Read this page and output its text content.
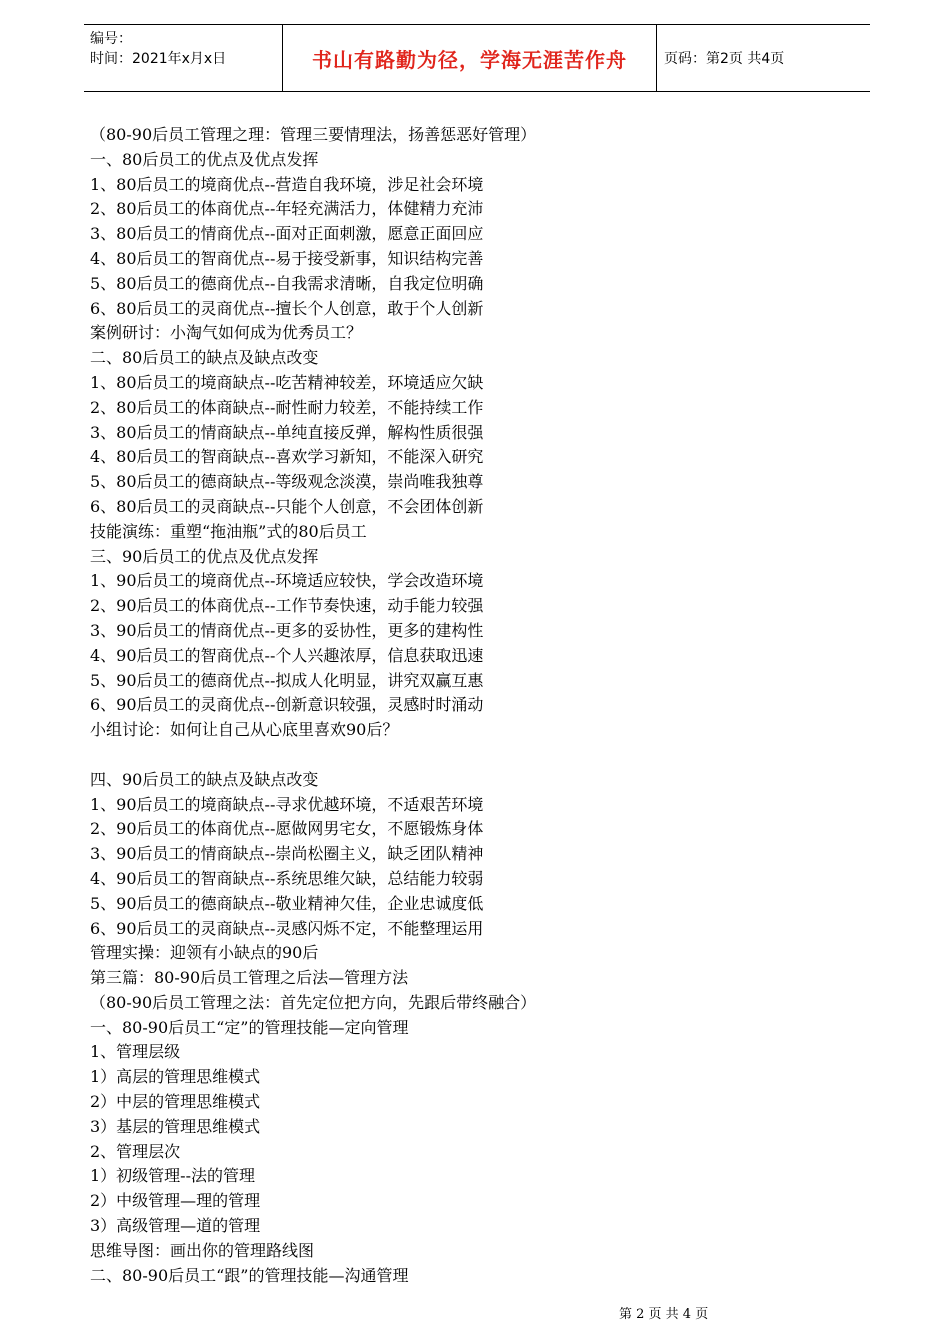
编号：
时间：2021年x月x日	书山有路勤为径，学海无涯苦作舟	页码：第2页 共4页
（80-90后员工管理之理：管理三要情理法，扬善惩恶好管理）
一、80后员工的优点及优点发挥
1、80后员工的境商优点--营造自我环境，涉足社会环境
2、80后员工的体商优点--年轻充满活力，体健精力充沛
3、80后员工的情商优点--面对正面刺激，愿意正面回应
4、80后员工的智商优点--易于接受新事，知识结构完善
5、80后员工的德商优点--自我需求清晰，自我定位明确
6、80后员工的灵商优点--擅长个人创意，敢于个人创新
案例研讨：小淘气如何成为优秀员工？
二、80后员工的缺点及缺点改变
1、80后员工的境商缺点--吃苦精神较差，环境适应欠缺
2、80后员工的体商缺点--耐性耐力较差，不能持续工作
3、80后员工的情商缺点--单纯直接反弹，解构性质很强
4、80后员工的智商缺点--喜欢学习新知，不能深入研究
5、80后员工的德商缺点--等级观念淡漠，崇尚唯我独尊
6、80后员工的灵商缺点--只能个人创意，不会团体创新
技能演练：重塑“拖油瓶”式的80后员工
三、90后员工的优点及优点发挥
1、90后员工的境商优点--环境适应较快，学会改造环境
2、90后员工的体商优点--工作节奏快速，动手能力较强
3、90后员工的情商优点--更多的妥协性，更多的建构性
4、90后员工的智商优点--个人兴趣浓厚，信息获取迅速
5、90后员工的德商优点--拟成人化明显，讲究双赢互惠
6、90后员工的灵商优点--创新意识较强，灵感时时涌动
小组讨论：如何让自己从心底里喜欢90后？
四、90后员工的缺点及缺点改变
1、90后员工的境商缺点--寻求优越环境，不适艰苦环境
2、90后员工的体商优点--愿做网男宅女，不愿锻炼身体
3、90后员工的情商缺点--崇尚松圈主义，缺乏团队精神
4、90后员工的智商缺点--系统思维欠缺，总结能力较弱
5、90后员工的德商缺点--敬业精神欠佳，企业忠诚度低
6、90后员工的灵商缺点--灵感闪烁不定，不能整理运用
管理实操：迎领有小缺点的90后
第三篇：80-90后员工管理之后法—管理方法
（80-90后员工管理之法：首先定位把方向，先跟后带终融合）
一、80-90后员工“定”的管理技能—定向管理
1、管理层级
1）高层的管理思维模式
2）中层的管理思维模式
3）基层的管理思维模式
2、管理层次
1）初级管理--法的管理
2）中级管理—理的管理
3）高级管理—道的管理
思维导图：画出你的管理路线图
二、80-90后员工“跟”的管理技能—沟通管理
第 2 页 共 4 页
